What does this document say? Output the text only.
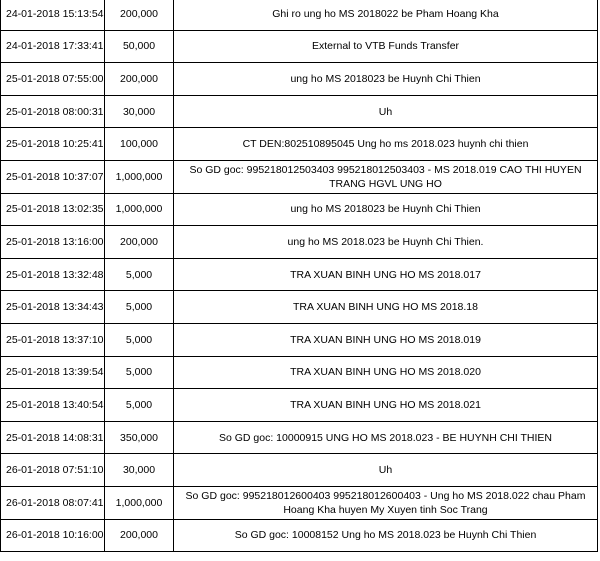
24-01-2018 15:13:54	200,000	Ghi ro ung ho MS 2018022 be Pham Hoang Kha
24-01-2018 17:33:41	50,000	External to VTB Funds Transfer
25-01-2018 07:55:00	200,000	ung ho MS 2018023 be Huynh Chi Thien
25-01-2018 08:00:31	30,000	Uh
25-01-2018 10:25:41	100,000	CT DEN:802510895045 Ung ho ms 2018.023 huynh chi thien
25-01-2018 10:37:07	1,000,000	So GD goc: 995218012503403 995218012503403 - MS 2018.019 CAO THI HUYEN TRANG HGVL UNG HO
25-01-2018 13:02:35	1,000,000	ung ho MS 2018023 be Huynh Chi Thien
25-01-2018 13:16:00	200,000	ung ho MS 2018.023 be Huynh Chi Thien.
25-01-2018 13:32:48	5,000	TRA XUAN BINH UNG HO MS 2018.017
25-01-2018 13:34:43	5,000	TRA XUAN BINH UNG HO MS 2018.18
25-01-2018 13:37:10	5,000	TRA XUAN BINH UNG HO MS 2018.019
25-01-2018 13:39:54	5,000	TRA XUAN BINH UNG HO MS 2018.020
25-01-2018 13:40:54	5,000	TRA XUAN BINH UNG HO MS 2018.021
25-01-2018 14:08:31	350,000	So GD goc: 10000915 UNG HO MS 2018.023 - BE HUYNH CHI THIEN
26-01-2018 07:51:10	30,000	Uh
26-01-2018 08:07:41	1,000,000	So GD goc: 995218012600403 995218012600403 - Ung ho MS 2018.022 chau Pham Hoang Kha huyen My Xuyen tinh Soc Trang
26-01-2018 10:16:00	200,000	So GD goc: 10008152 Ung ho MS 2018.023 be Huynh Chi Thien
